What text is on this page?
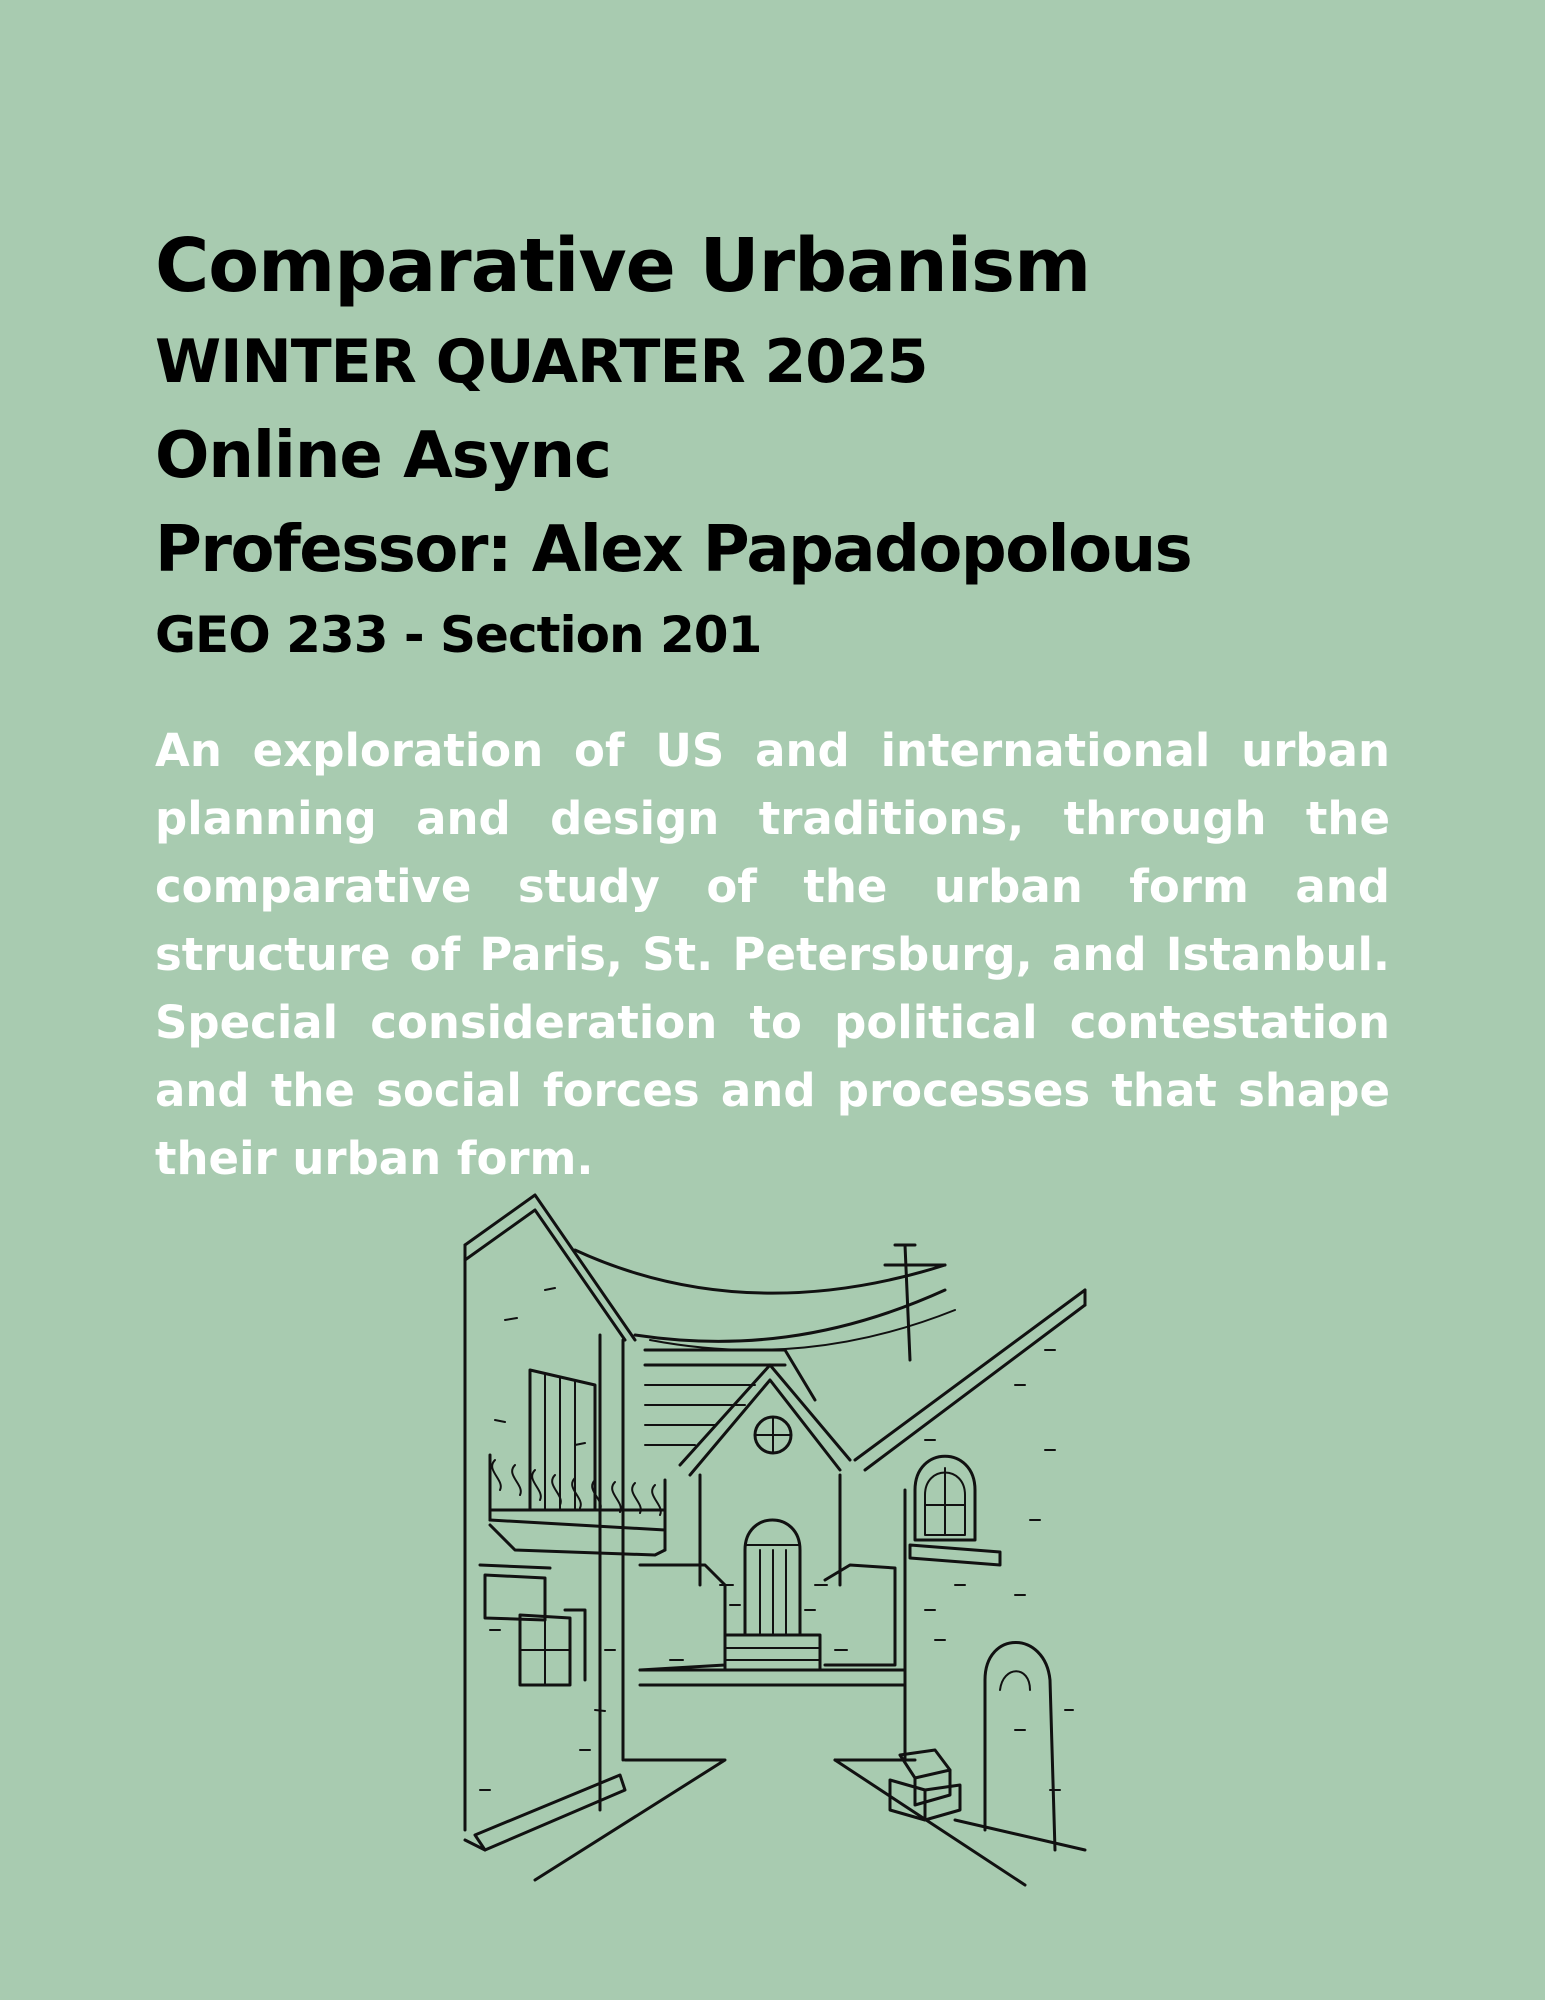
Comparative Urbanism
WINTER QUARTER 2025
Online Async
Professor: Alex Papadopolous
GEO 233 - Section 201

An exploration of US and international urban planning and design traditions, through the comparative study of the urban form and structure of Paris, St. Petersburg, and Istanbul. Special consideration to political contestation and the social forces and processes that shape their urban form.
